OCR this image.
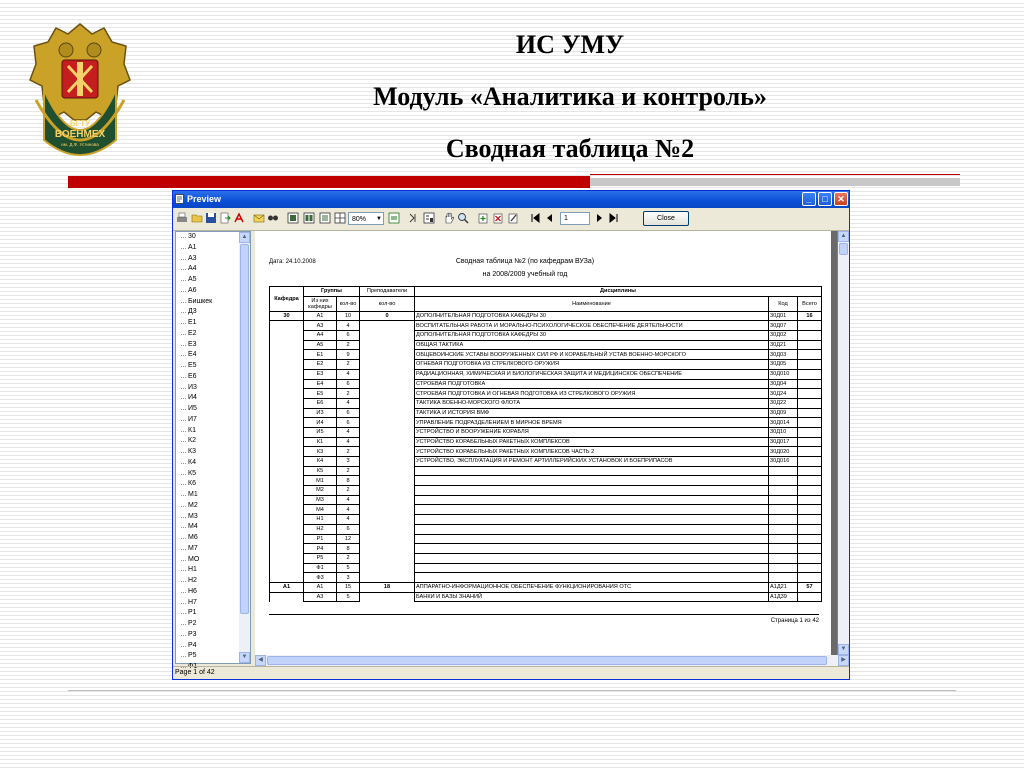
БГТУ
ВОЕНМЕХ
им. Д.Ф. Устинова
ИС УМУ
Модуль «Аналитика и контроль»
Сводная таблица №2
Preview	_	□	✕
80% ▼	1	Close
30
А1
А3
А4
А5
А6
Бишкек
Д3
Е1
Е2
Е3
Е4
Е5
Е6
И3
И4
И5
И7
К1
К2
К3
К4
К5
К6
М1
М2
М3
М4
М6
М7
МО
Н1
Н2
Н6
Н7
Р1
Р2
Р3
Р4
Р5
Ф1
▲
▼
Дата: 24.10.2008	Сводная таблица №2 (по кафедрам ВУЗа)
на 2008/2009 учебный год
Кафедра	Группы		Преподаватели	Дисциплины		
	Из них кафедры	кол-во	кол-во	Наименование	Код	Всего
30	А1	10	0	ДОПОЛНИТЕЛЬНАЯ ПОДГОТОВКА КАФЕДРЫ 30	30Д01	16
	А3	4		ВОСПИТАТЕЛЬНАЯ РАБОТА И МОРАЛЬНО-ПСИХОЛОГИЧЕСКОЕ ОБЕСПЕЧЕНИЕ ДЕЯТЕЛЬНОСТИ	30Д07	
	А4	6		ДОПОЛНИТЕЛЬНАЯ ПОДГОТОВКА КАФЕДРЫ 30	30Д02	
	А5	2		ОБЩАЯ ТАКТИКА	30Д21	
	Е1	9		ОБЩЕВОИНСКИЕ УСТАВЫ ВООРУЖЕННЫХ СИЛ РФ И КОРАБЕЛЬНЫЙ УСТАВ ВОЕННО-МОРСКОГО	30Д03	
	Е2	2		ОГНЕВАЯ ПОДГОТОВКА ИЗ СТРЕЛКОВОГО ОРУЖИЯ	30Д05	
	Е3	4		РАДИАЦИОННАЯ, ХИМИЧЕСКАЯ И БИОЛОГИЧЕСКАЯ ЗАЩИТА И МЕДИЦИНСКОЕ ОБЕСПЕЧЕНИЕ	30Д010	
	Е4	6		СТРОЕВАЯ ПОДГОТОВКА	30Д04	
	Е5	2		СТРОЕВАЯ ПОДГОТОВКА И ОГНЕВАЯ ПОДГОТОВКА ИЗ СТРЕЛКОВОГО ОРУЖИЯ	30Д24	
	Е6	4		ТАКТИКА ВОЕННО-МОРСКОГО ФЛОТА	30Д22	
	И3	6		ТАКТИКА И ИСТОРИЯ ВМФ	30Д09	
	И4	6		УПРАВЛЕНИЕ ПОДРАЗДЕЛЕНИЕМ В МИРНОЕ ВРЕМЯ	30Д014	
	И5	4		УСТРОЙСТВО И ВООРУЖЕНИЕ КОРАБЛЯ	30Д10	
	К1	4		УСТРОЙСТВО КОРАБЕЛЬНЫХ РАКЕТНЫХ КОМПЛЕКСОВ	30Д017	
	К3	2		УСТРОЙСТВО КОРАБЕЛЬНЫХ РАКЕТНЫХ КОМПЛЕКСОВ ЧАСТЬ 2	30Д020	
	К4	3		УСТРОЙСТВО, ЭКСПЛУАТАЦИЯ И РЕМОНТ АРТИЛЛЕРИЙСКИХ УСТАНОВОК И БОЕПРИПАСОВ	30Д016	
	К5	2				
	М1	8				
	М2	2				
	М3	4				
	М4	4				
	Н1	4				
	Н2	6				
	Р1	12				
	Р4	8				
	Р5	2				
	Ф1	5				
	Ф3	3				
А1	А1	15	18	АППАРАТНО-ИНФОРМАЦИОННОЕ ОБЕСПЕЧЕНИЕ ФУНКЦИОНИРОВАНИЯ ОТС	А1Д21	57
	А3	5		БАНКИ И БАЗЫ ЗНАНИЙ	А1Д39	
Страница 1 из 42
▲
▼
◀	▶
Page 1 of 42
